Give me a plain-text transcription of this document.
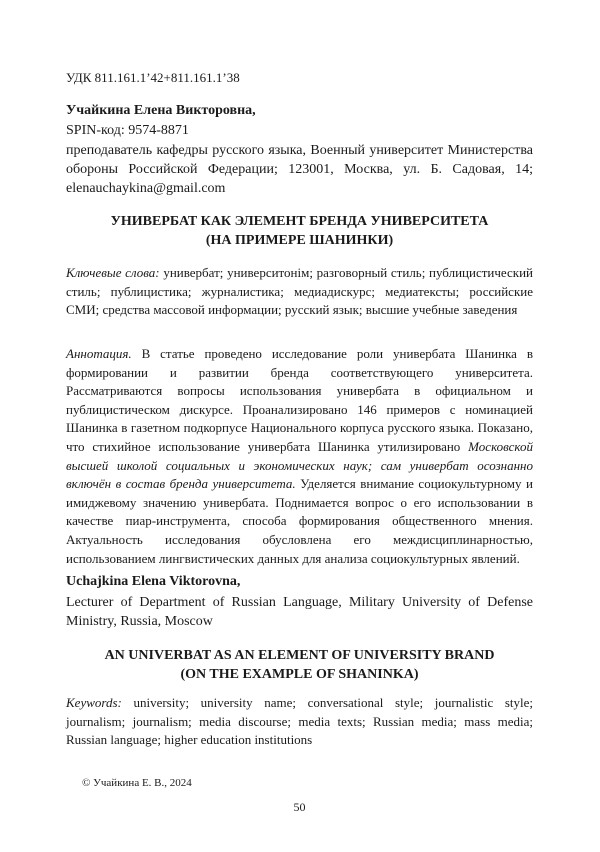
УДК 811.161.1’42+811.161.1’38
Учайкина Елена Викторовна,
SPIN-код: 9574-8871
преподаватель кафедры русского языка, Военный университет Министерства обороны Российской Федерации; 123001, Москва, ул. Б. Садовая, 14; elenauchaykina@gmail.com
УНИВЕРБАТ КАК ЭЛЕМЕНТ БРЕНДА УНИВЕРСИТЕТА
(НА ПРИМЕРЕ ШАНИНКИ)
Ключевые слова: универбат; университонім; разговорный стиль; публицистический стиль; публицистика; журналистика; медиадискурс; медиатексты; российские СМИ; средства массовой информации; русский язык; высшие учебные заведения
Аннотация. В статье проведено исследование роли универбата Шанинка в формировании и развитии бренда соответствующего университета. Рассматриваются вопросы использования универбата в официальном и публицистическом дискурсе. Проанализировано 146 примеров с номинацией Шанинка в газетном подкорпусе Национального корпуса русского языка. Показано, что стихийное использование универбата Шанинка утилизировано Московской высшей школой социальных и экономических наук; сам универбат осознанно включён в состав бренда университета. Уделяется внимание социокультурному и имиджевому значению универбата. Поднимается вопрос о его использовании в качестве пиар-инструмента, способа формирования общественного мнения. Актуальность исследования обусловлена его междисциплинарностью, использованием лингвистических данных для анализа социокультурных явлений.
Uchajkina Elena Viktorovna,
Lecturer of Department of Russian Language, Military University of Defense Ministry, Russia, Moscow
AN UNIVERBAT AS AN ELEMENT OF UNIVERSITY BRAND
(ON THE EXAMPLE OF SHANINKA)
Keywords: university; university name; conversational style; journalistic style; journalism; journalism; media discourse; media texts; Russian media; mass media; Russian language; higher education institutions
© Учайкина Е. В., 2024
50
